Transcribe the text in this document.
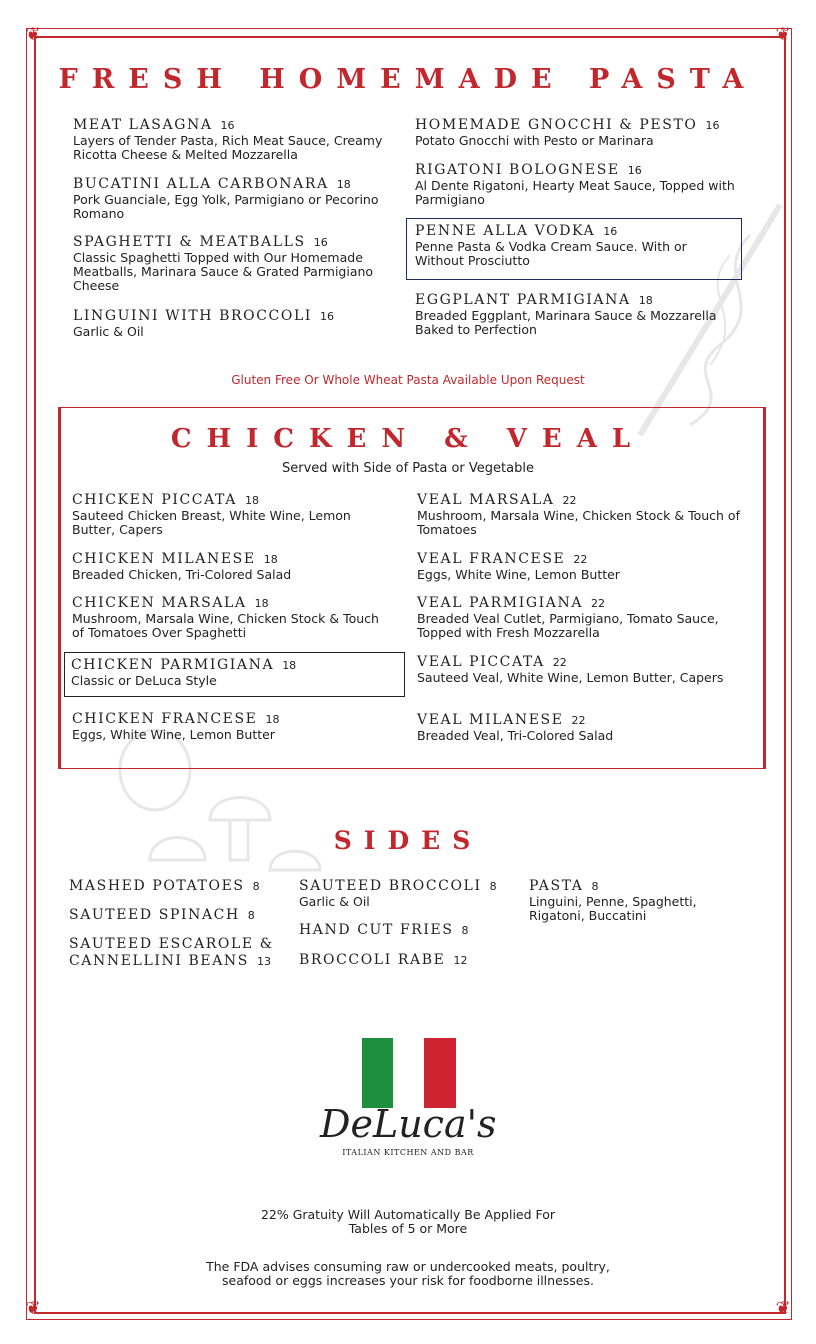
❦	❦
❦	❦
FRESH HOMEMADE PASTA
MEAT LASAGNA 16
Layers of Tender Pasta, Rich Meat Sauce, Creamy Ricotta Cheese & Melted Mozzarella
BUCATINI ALLA CARBONARA 18
Pork Guanciale, Egg Yolk, Parmigiano or Pecorino Romano
SPAGHETTI & MEATBALLS 16
Classic Spaghetti Topped with Our Homemade Meatballs, Marinara Sauce & Grated Parmigiano Cheese
LINGUINI WITH BROCCOLI 16
Garlic & Oil
HOMEMADE GNOCCHI & PESTO 16
Potato Gnocchi with Pesto or Marinara
RIGATONI BOLOGNESE 16
Al Dente Rigatoni, Hearty Meat Sauce, Topped with Parmigiano
PENNE ALLA VODKA 16
Penne Pasta & Vodka Cream Sauce. With or Without Prosciutto
EGGPLANT PARMIGIANA 18
Breaded Eggplant, Marinara Sauce & Mozzarella Baked to Perfection
Gluten Free Or Whole Wheat Pasta Available Upon Request
CHICKEN & VEAL
Served with Side of Pasta or Vegetable
CHICKEN PICCATA 18
Sauteed Chicken Breast, White Wine, Lemon Butter, Capers
CHICKEN MILANESE 18
Breaded Chicken, Tri-Colored Salad
CHICKEN MARSALA 18
Mushroom, Marsala Wine, Chicken Stock & Touch of Tomatoes Over Spaghetti
CHICKEN PARMIGIANA 18
Classic or DeLuca Style
CHICKEN FRANCESE 18
Eggs, White Wine, Lemon Butter
VEAL MARSALA 22
Mushroom, Marsala Wine, Chicken Stock & Touch of Tomatoes
VEAL FRANCESE 22
Eggs, White Wine, Lemon Butter
VEAL PARMIGIANA 22
Breaded Veal Cutlet, Parmigiano, Tomato Sauce, Topped with Fresh Mozzarella
VEAL PICCATA 22
Sauteed Veal, White Wine, Lemon Butter, Capers
VEAL MILANESE 22
Breaded Veal, Tri-Colored Salad
SIDES
MASHED POTATOES 8
SAUTEED SPINACH 8
SAUTEED ESCAROLE &
CANNELLINI BEANS 13
SAUTEED BROCCOLI 8
Garlic & Oil
HAND CUT FRIES 8
BROCCOLI RABE 12
PASTA 8
Linguini, Penne, Spaghetti, Rigatoni, Buccatini
DeLuca's
ITALIAN KITCHEN AND BAR
22% Gratuity Will Automatically Be Applied For
Tables of 5 or More
The FDA advises consuming raw or undercooked meats, poultry,
seafood or eggs increases your risk for foodborne illnesses.
